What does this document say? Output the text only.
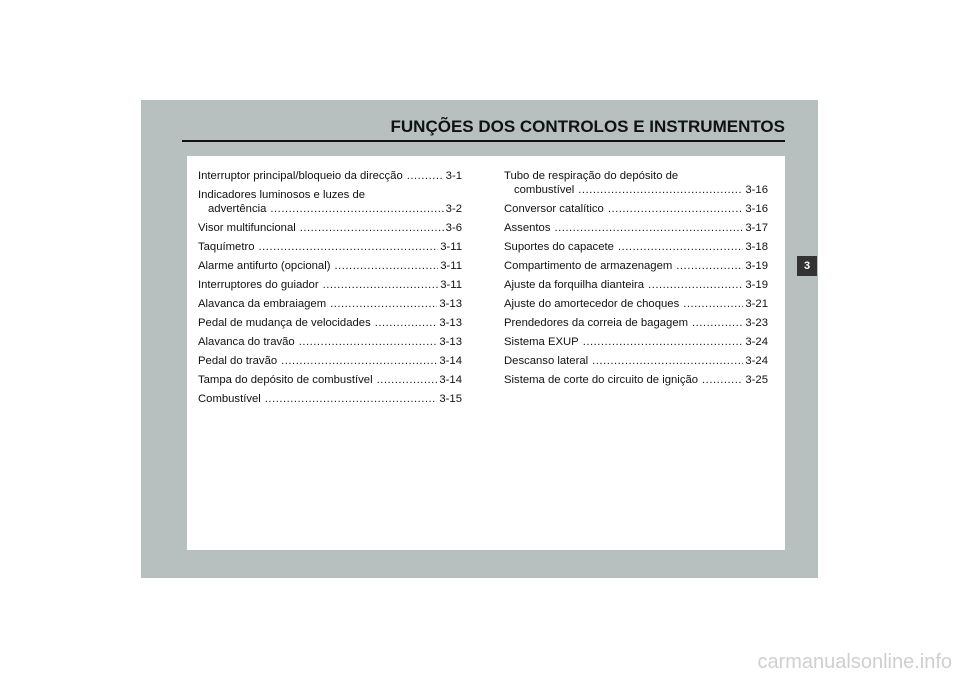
FUNÇÕES DOS CONTROLOS E INSTRUMENTOS
Interruptor principal/bloqueio da direcção .....	3-1
Indicadores luminosos e luzes de
advertência .....	3-2
Visor multifuncional .....	3-6
Taquímetro .....	3-11
Alarme antifurto (opcional) .....	3-11
Interruptores do guiador .....	3-11
Alavanca da embraiagem .....	3-13
Pedal de mudança de velocidades .....	3-13
Alavanca do travão .....	3-13
Pedal do travão .....	3-14
Tampa do depósito de combustível .....	3-14
Combustível .....	3-15
Tubo de respiração do depósito de
combustível .....	3-16
Conversor catalítico .....	3-16
Assentos .....	3-17
Suportes do capacete .....	3-18
Compartimento de armazenagem .....	3-19
Ajuste da forquilha dianteira .....	3-19
Ajuste do amortecedor de choques .....	3-21
Prendedores da correia de bagagem .....	3-23
Sistema EXUP .....	3-24
Descanso lateral .....	3-24
Sistema de corte do circuito de ignição .....	3-25
3
carmanualsonline.info
